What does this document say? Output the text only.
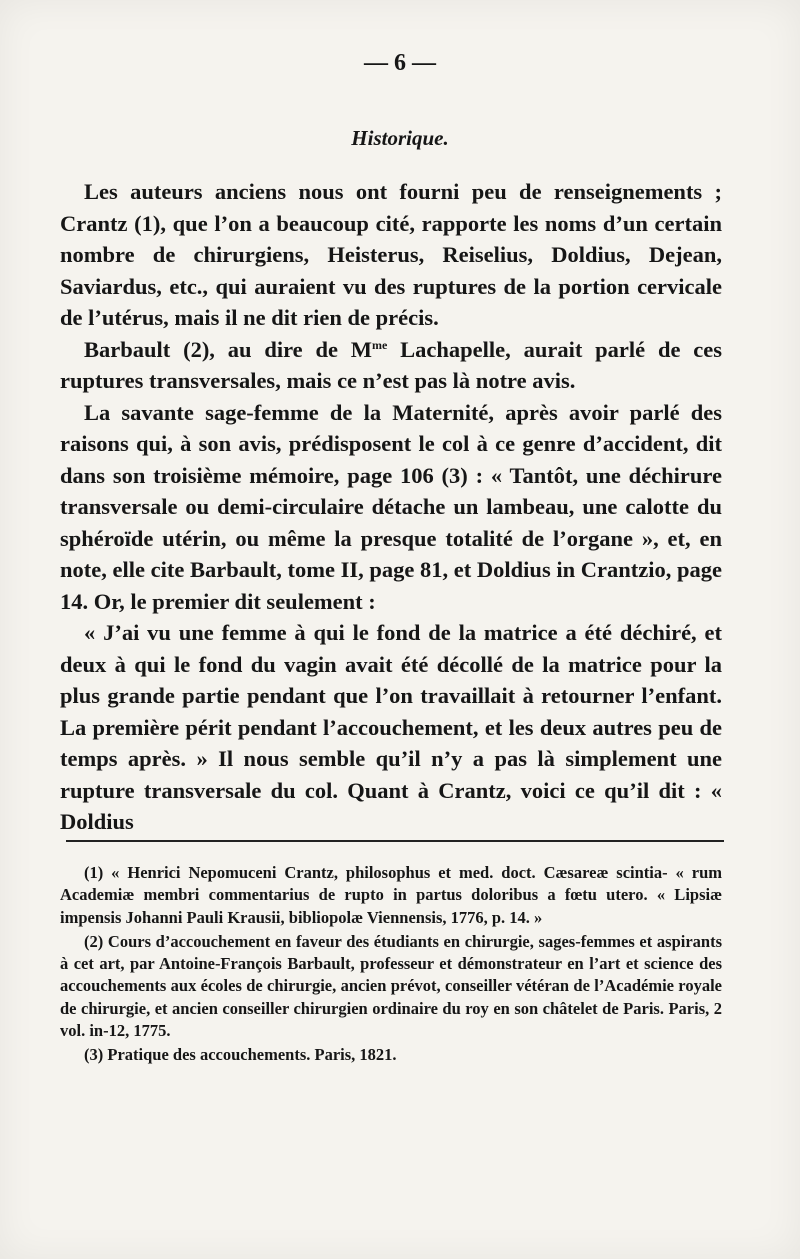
— 6 —
Historique.

Les auteurs anciens nous ont fourni peu de renseignements ; Crantz (1), que l’on a beaucoup cité, rapporte les noms d’un certain nombre de chirurgiens, Heisterus, Reiselius, Doldius, Dejean, Saviardus, etc., qui auraient vu des ruptures de la portion cervicale de l’utérus, mais il ne dit rien de précis.

Barbault (2), au dire de $M^{me}$ Lachapelle, aurait parlé de ces ruptures transversales, mais ce n’est pas là notre avis.

La savante sage-femme de la Maternité, après avoir parlé des raisons qui, à son avis, prédisposent le col à ce genre d’accident, dit dans son troisième mémoire, page 106 (3) : « Tantôt, une déchirure transversale ou demi-circulaire détache un lambeau, une calotte du sphéroïde utérin, ou même la presque totalité de l’organe », et, en note, elle cite Barbault, tome II, page 81, et Doldius in Crantzio, page 14. Or, le premier dit seulement :

« J’ai vu une femme à qui le fond de la matrice a été déchiré, et deux à qui le fond du vagin avait été décollé de la matrice pour la plus grande partie pendant que l’on travaillait à retourner l’enfant. La première périt pendant l’accouchement, et les deux autres peu de temps après. » Il nous semble qu’il n’y a pas là simplement une rupture transversale du col. Quant à Crantz, voici ce qu’il dit : « Doldius

(1) « Henrici Nepomuceni Crantz, philosophus et med. doct. Cæsareæ scintia- « rum Academiæ membri commentarius de rupto in partus doloribus a fœtu utero. « Lipsiæ impensis Johanni Pauli Krausii, bibliopolæ Viennensis, 1776, p. 14. »

(2) Cours d’accouchement en faveur des étudiants en chirurgie, sages-femmes et aspirants à cet art, par Antoine-François Barbault, professeur et démonstrateur en l’art et science des accouchements aux écoles de chirurgie, ancien prévot, conseiller vétéran de l’Académie royale de chirurgie, et ancien conseiller chirurgien ordinaire du roy en son châtelet de Paris. Paris, 2 vol. in-12, 1775.

(3) Pratique des accouchements. Paris, 1821.
